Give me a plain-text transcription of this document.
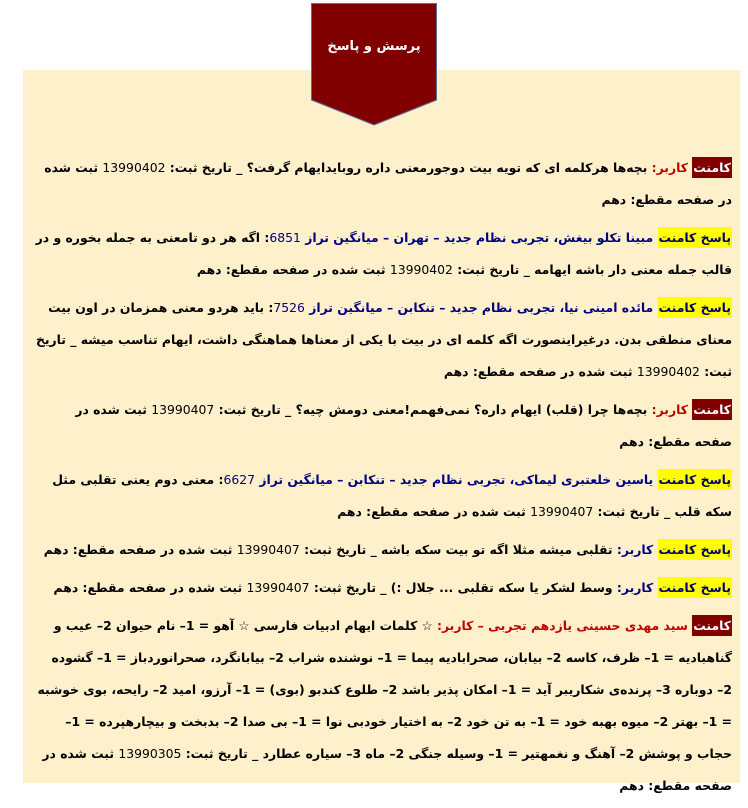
پرسش و پاسخ

کامنت کاربر: بچه‌ها هرکلمه ای که تویه بیت دوجورمعنی داره روبایدایهام گرفت؟ _ تاریخ ثبت: 13990402 ثبت شده در صفحه مقطع: دهم

پاسخ کامنت مبینا تکلو بیغش، تجربی نظام جدید – تهران – میانگین تراز 6851: اگه هر دو تامعنی به جمله بخوره و در قالب جمله معنی دار باشه ایهامه _ تاریخ ثبت: 13990402 ثبت شده در صفحه مقطع: دهم

پاسخ کامنت مائده امینی نیا، تجربی نظام جدید – تنکابن – میانگین تراز 7526: باید هردو معنی همزمان در اون بیت معنای منطقی بدن. درغیراینصورت اگه کلمه ای در بیت با یکی از معناها هماهنگی داشت، ایهام تناسب میشه _ تاریخ ثبت: 13990402 ثبت شده در صفحه مقطع: دهم

کامنت کاربر: بچه‌ها چرا (قلب) ایهام داره؟ نمی‌فهمم!معنی دومش چیه؟ _ تاریخ ثبت: 13990407 ثبت شده در صفحه مقطع: دهم

پاسخ کامنت یاسین خلعتبری لیماکی، تجربی نظام جدید – تنکابن – میانگین تراز 6627: معنی دوم یعنی تقلبی مثل سکه قلب _ تاریخ ثبت: 13990407 ثبت شده در صفحه مقطع: دهم

پاسخ کامنت کاربر: تقلبی میشه مثلا اگه تو بیت سکه باشه _ تاریخ ثبت: 13990407 ثبت شده در صفحه مقطع: دهم

پاسخ کامنت کاربر: وسط لشکر یا سکه تقلبی ... جلال :) _ تاریخ ثبت: 13990407 ثبت شده در صفحه مقطع: دهم

کامنت سید مهدی حسینی یازدهم تجربی – کاربر: ☆ کلمات ایهام ادبیات فارسی ☆ آهو = 1– نام حیوان 2– عیب و گناهبادیه = 1– ظرف، کاسه 2– بیابان، صحرابادیه پیما = 1– نوشنده شراب 2– بیابانگرد، صحرانوردباز = 1– گشوده 2– دوباره 3– پرنده‌ی شکاریبر آید = 1– امکان پذیر باشد 2– طلوع کندبو (بوی) = 1– آرزو، امید 2– رایحه، بوی خوشبه = 1– بهتر 2– میوه بهبه خود = 1– به تن خود 2– به اختیار خودبی نوا = 1– بی صدا 2– بدبخت و بیچارهپرده = 1– حجاب و پوشش 2– آهنگ و نغمهتیر = 1– وسیله جنگی 2– ماه 3– سیاره عطارد _ تاریخ ثبت: 13990305 ثبت شده در صفحه مقطع: دهم
